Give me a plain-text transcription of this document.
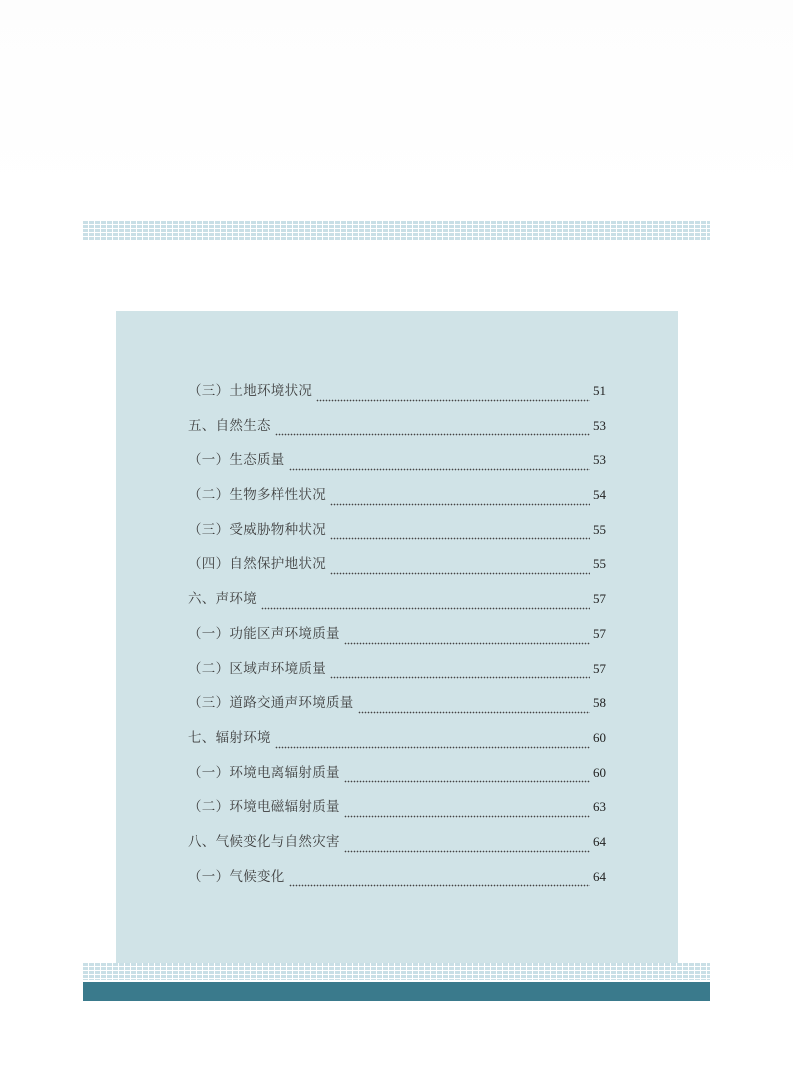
（三）土地环境状况	51
五、自然生态	53
（一）生态质量	53
（二）生物多样性状况	54
（三）受威胁物种状况	55
（四）自然保护地状况	55
六、声环境	57
（一）功能区声环境质量	57
（二）区域声环境质量	57
（三）道路交通声环境质量	58
七、辐射环境	60
（一）环境电离辐射质量	60
（二）环境电磁辐射质量	63
八、气候变化与自然灾害	64
（一）气候变化	64
